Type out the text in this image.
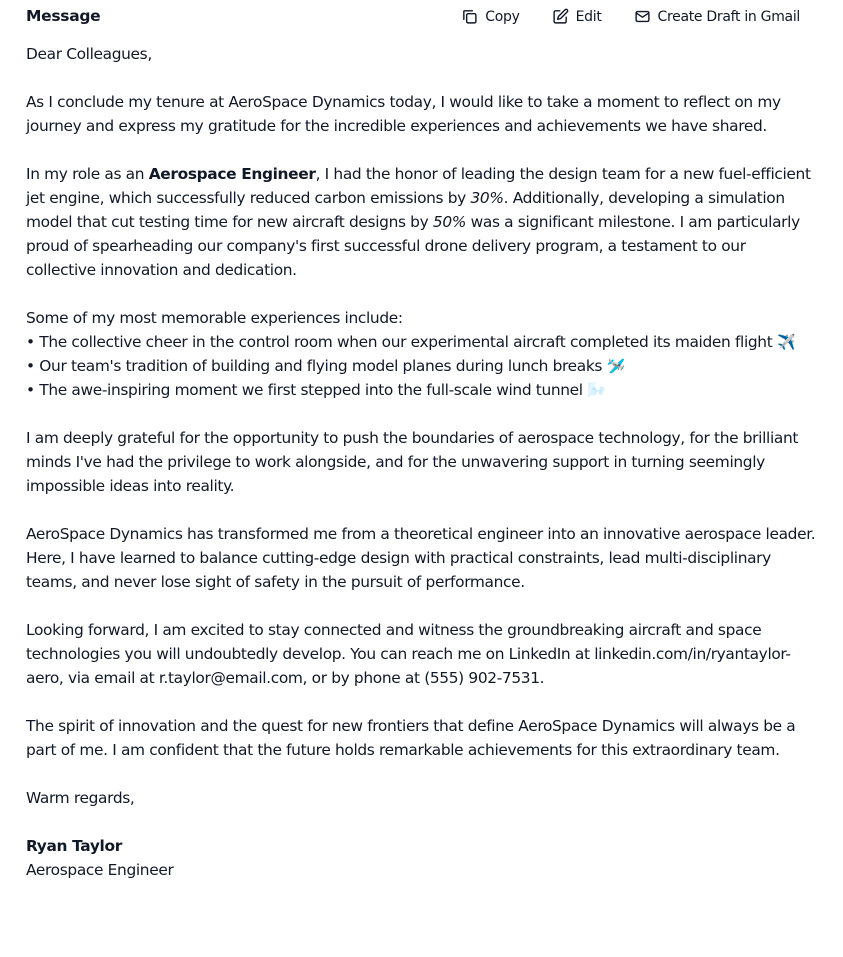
Message	Copy	Edit	Create Draft in Gmail

Dear Colleagues,

As I conclude my tenure at AeroSpace Dynamics today, I would like to take a moment to reflect on my journey and express my gratitude for the incredible experiences and achievements we have shared.

In my role as an Aerospace Engineer, I had the honor of leading the design team for a new fuel-efficient jet engine, which successfully reduced carbon emissions by 30%. Additionally, developing a simulation model that cut testing time for new aircraft designs by 50% was a significant milestone. I am particularly proud of spearheading our company's first successful drone delivery program, a testament to our collective innovation and dedication.

Some of my most memorable experiences include:

• The collective cheer in the control room when our experimental aircraft completed its maiden flight ✈️

• Our team's tradition of building and flying model planes during lunch breaks 🛩️

• The awe-inspiring moment we first stepped into the full-scale wind tunnel 🌬️

I am deeply grateful for the opportunity to push the boundaries of aerospace technology, for the brilliant minds I've had the privilege to work alongside, and for the unwavering support in turning seemingly impossible ideas into reality.

AeroSpace Dynamics has transformed me from a theoretical engineer into an innovative aerospace leader. Here, I have learned to balance cutting-edge design with practical constraints, lead multi-disciplinary teams, and never lose sight of safety in the pursuit of performance.

Looking forward, I am excited to stay connected and witness the groundbreaking aircraft and space technologies you will undoubtedly develop. You can reach me on LinkedIn at linkedin.com/in/ryantaylor-aero, via email at r.taylor@email.com, or by phone at (555) 902-7531.

The spirit of innovation and the quest for new frontiers that define AeroSpace Dynamics will always be a part of me. I am confident that the future holds remarkable achievements for this extraordinary team.

Warm regards,

Ryan Taylor

Aerospace Engineer
